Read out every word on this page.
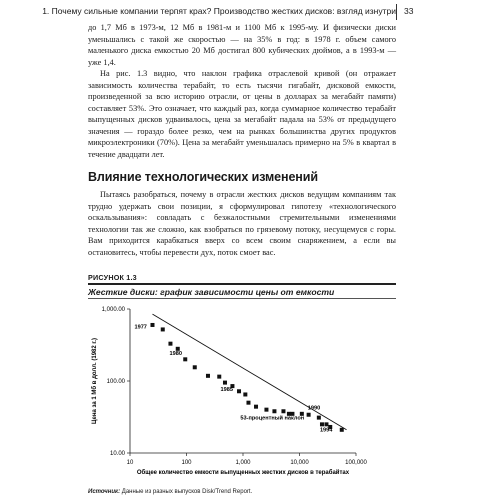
1. Почему сильные компании терпят крах? Производство жестких дисков: взгляд изнутри 33

до 1,7 Мб в 1973-м, 12 Мб в 1981-м и 1100 Мб к 1995-му. И физически диски уменьшались с такой же скоростью — на 35% в год: в 1978 г. объем самого маленького диска емкостью 20 Мб достигал 800 кубических дюймов, а в 1993-м — уже 1,4.

На рис. 1.3 видно, что наклон графика отраслевой кривой (он отражает зависимость количества терабайт, то есть тысячи гигабайт, дисковой емкости, произведенной за всю историю отрасли, от цены в долларах за мегабайт памяти) составляет 53%. Это означает, что каждый раз, когда суммарное количество терабайт выпущенных дисков удваивалось, цена за мегабайт падала на 53% от предыдущего значения — гораздо более резко, чем на рынках большинства других продуктов микроэлектроники (70%). Цена за мегабайт уменьшалась примерно на 5% в квартал в течение двадцати лет.

Влияние технологических изменений

Пытаясь разобраться, почему в отрасли жестких дисков ведущим компаниям так трудно удержать свои позиции, я сформулировал гипотезу «технологического оскальзывания»: совладать с безжалостными стремительными изменениями технологии так же сложно, как взобраться по грязевому потоку, несущемуся с горы. Вам приходится карабкаться вверх со всем своим снаряжением, а если вы остановитесь, чтобы перевести дух, поток смоет вас.

РИСУНОК 1.3
Жесткие диски: график зависимости цены от емкости
10	100	1,000	10,000	100,000
10.00
100.00
1,000.00
1977
1980
1985
1990
1994
53-процентный наклон
Общее количество емкости выпущенных жестких дисков в терабайтах
Цена за 1 Мб в долл. (1982 г.)
Источник: Данные из разных выпусков Disk/Trend Report.
